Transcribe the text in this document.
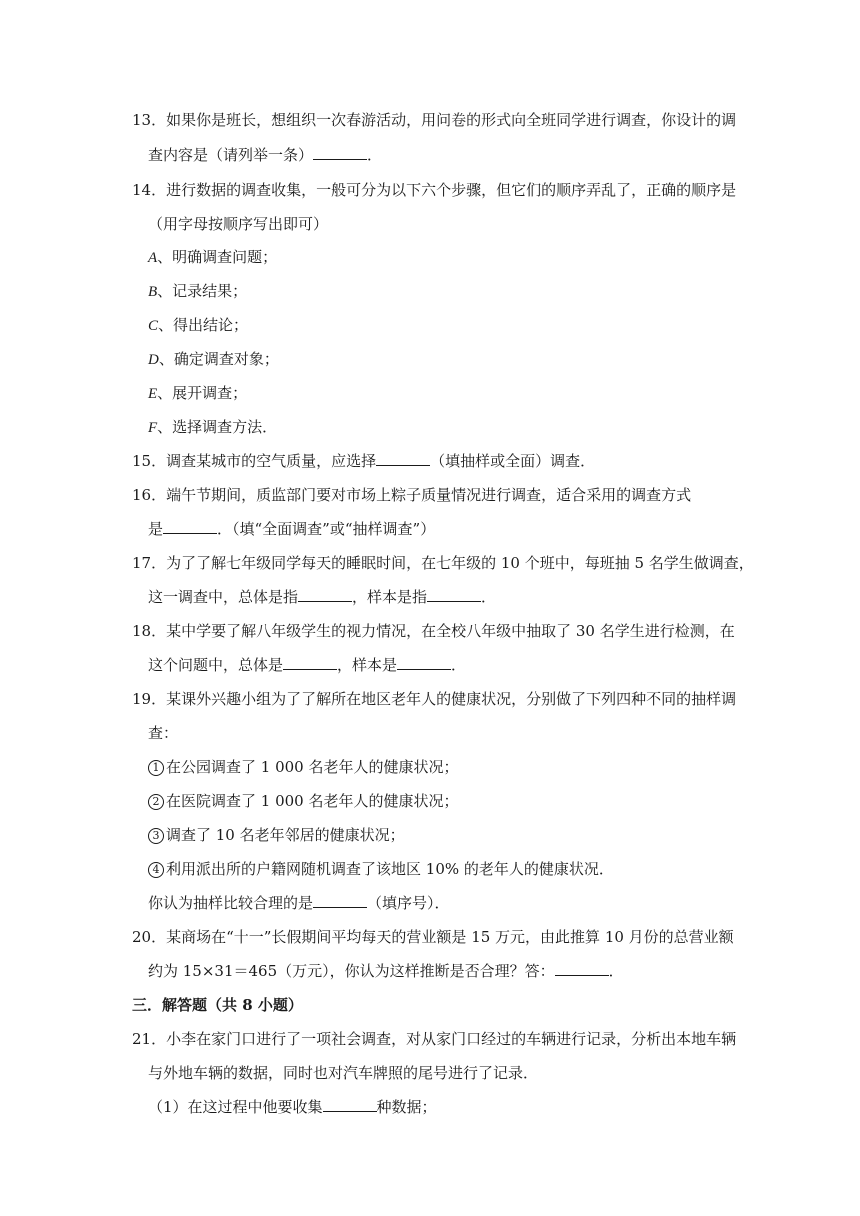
13．如果你是班长，想组织一次春游活动，用问卷的形式向全班同学进行调查，你设计的调
查内容是（请列举一条）	．
14．进行数据的调查收集，一般可分为以下六个步骤，但它们的顺序弄乱了，正确的顺序是
（用字母按顺序写出即可）
A、明确调查问题；
B、记录结果；
C、得出结论；
D、确定调查对象；
E、展开调查；
F、选择调查方法．
15．调查某城市的空气质量，应选择	（填抽样或全面）调查．
16．端午节期间，质监部门要对市场上粽子质量情况进行调查，适合采用的调查方式
是	．（填“全面调查”或“抽样调查”）
17．为了了解七年级同学每天的睡眠时间，在七年级的 10 个班中，每班抽 5 名学生做调查，
这一调查中，总体是指	，样本是指	．
18．某中学要了解八年级学生的视力情况，在全校八年级中抽取了 30 名学生进行检测，在
这个问题中，总体是	，样本是	．
19．某课外兴趣小组为了了解所在地区老年人的健康状况，分别做了下列四种不同的抽样调
查：
1 在公园调查了 1 000 名老年人的健康状况；
2 在医院调查了 1 000 名老年人的健康状况；
3 调查了 10 名老年邻居的健康状况；
4 利用派出所的户籍网随机调查了该地区 10% 的老年人的健康状况．
你认为抽样比较合理的是	（填序号）．
20．某商场在“十一”长假期间平均每天的营业额是 15 万元，由此推算 10 月份的总营业额
约为 15×31＝465（万元），你认为这样推断是否合理？答：	．
三．解答题（共 8 小题）
21．小李在家门口进行了一项社会调查，对从家门口经过的车辆进行记录，分析出本地车辆
与外地车辆的数据，同时也对汽车牌照的尾号进行了记录．
（1）在这过程中他要收集	种数据；
